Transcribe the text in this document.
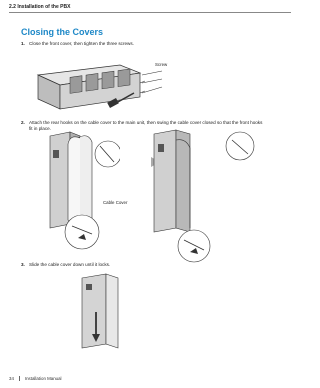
2.2 Installation of the PBX
Closing the Covers
1. Close the front cover, then tighten the three screws.
Screw
2. Attach the rear hooks on the cable cover to the main unit, then swing the cable cover closed so that the front hooks fit in place.
Cable Cover
3. Slide the cable cover down until it locks.
34	Installation Manual
